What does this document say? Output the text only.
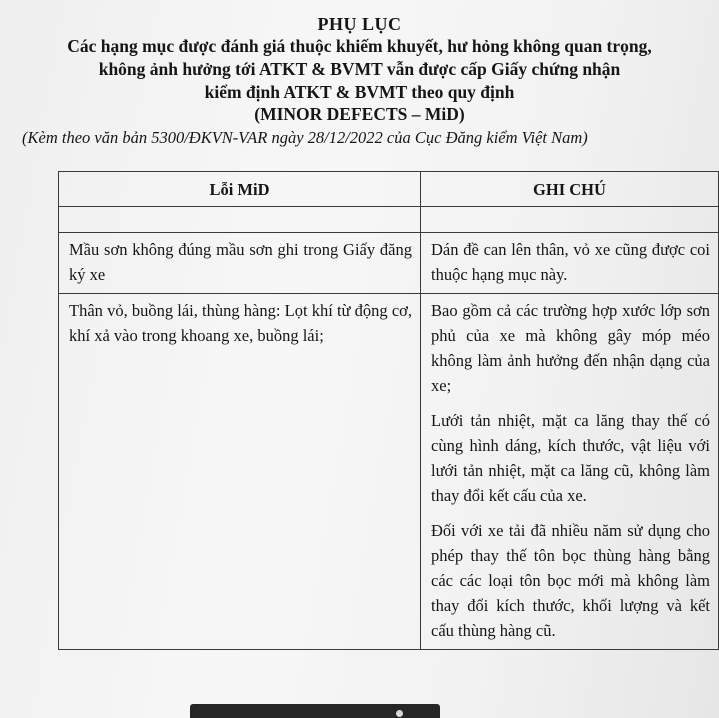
PHỤ LỤC
Các hạng mục được đánh giá thuộc khiếm khuyết, hư hỏng không quan trọng,
không ảnh hưởng tới ATKT & BVMT vẫn được cấp Giấy chứng nhận
kiểm định ATKT & BVMT theo quy định
(MINOR DEFECTS – MiD)
(Kèm theo văn bản 5300/ĐKVN-VAR ngày 28/12/2022 của Cục Đăng kiểm Việt Nam)
Lỗi MiD	GHI CHÚ

Mầu sơn không đúng mầu sơn ghi trong Giấy đăng ký xe	Dán đề can lên thân, vỏ xe cũng được coi thuộc hạng mục này.

Thân vỏ, buồng lái, thùng hàng: Lọt khí từ động cơ, khí xả vào trong khoang xe, buồng lái;	Bao gồm cả các trường hợp xước lớp sơn phủ của xe mà không gây móp méo không làm ảnh hưởng đến nhận dạng của xe;

Lưới tản nhiệt, mặt ca lăng thay thế có cùng hình dáng, kích thước, vật liệu với lưới tản nhiệt, mặt ca lăng cũ, không làm thay đổi kết cấu của xe.

Đối với xe tải đã nhiều năm sử dụng cho phép thay thế tôn bọc thùng hàng bằng các các loại tôn bọc mới mà không làm thay đổi kích thước, khối lượng và kết cấu thùng hàng cũ.
